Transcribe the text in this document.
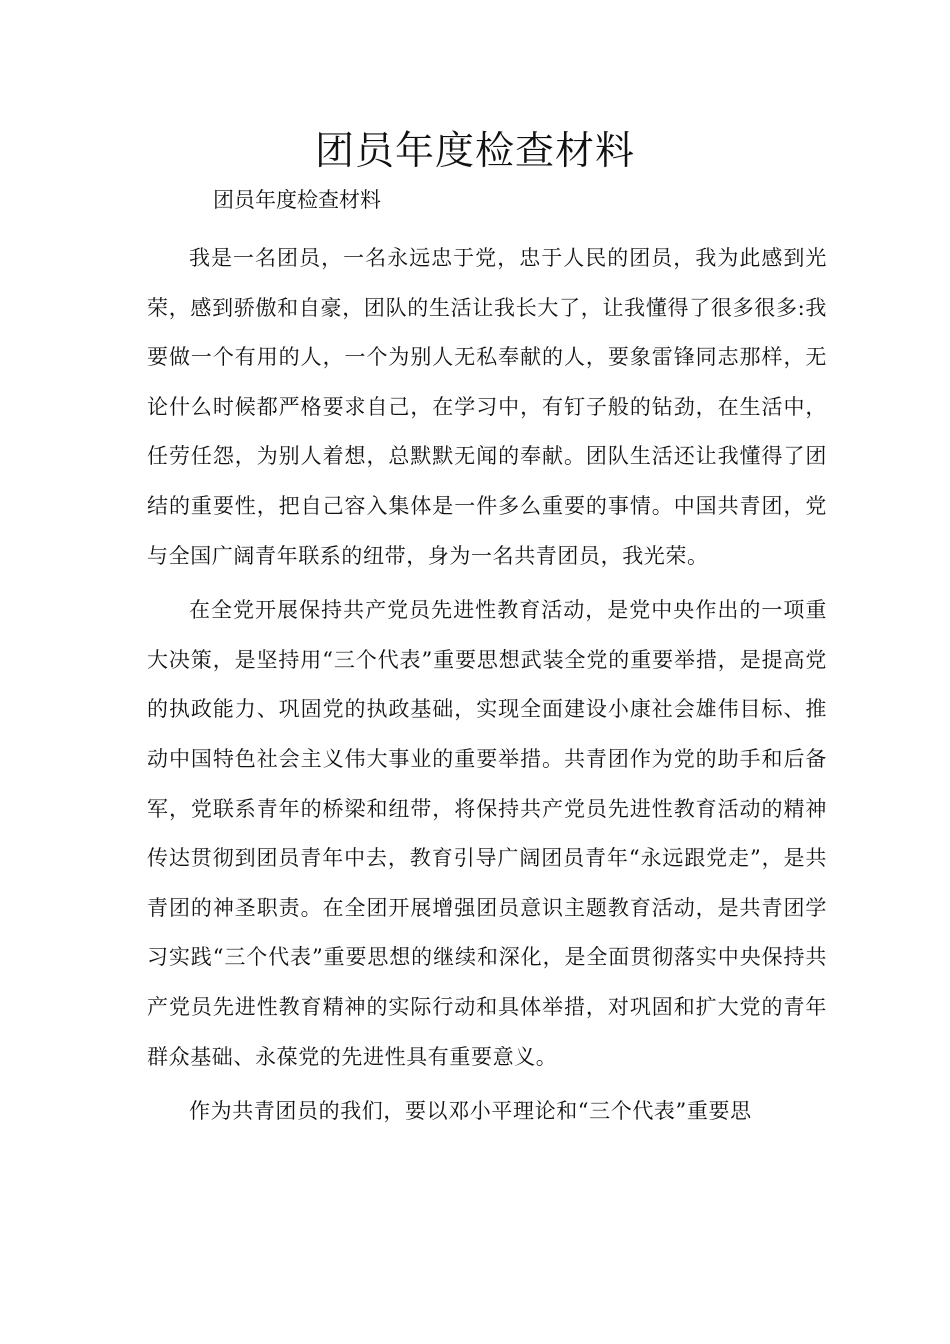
团员年度检查材料
团员年度检查材料

我是一名团员，一名永远忠于党，忠于人民的团员，我为此感到光荣，感到骄傲和自豪，团队的生活让我长大了，让我懂得了很多很多:我要做一个有用的人，一个为别人无私奉献的人，要象雷锋同志那样，无论什么时候都严格要求自己，在学习中，有钉子般的钻劲，在生活中，任劳任怨，为别人着想，总默默无闻的奉献。团队生活还让我懂得了团结的重要性，把自己容入集体是一件多么重要的事情。中国共青团，党与全国广阔青年联系的纽带，身为一名共青团员，我光荣。

在全党开展保持共产党员先进性教育活动，是党中央作出的一项重大决策，是坚持用“三个代表”重要思想武装全党的重要举措，是提高党的执政能力、巩固党的执政基础，实现全面建设小康社会雄伟目标、推动中国特色社会主义伟大事业的重要举措。共青团作为党的助手和后备军，党联系青年的桥梁和纽带，将保持共产党员先进性教育活动的精神传达贯彻到团员青年中去，教育引导广阔团员青年“永远跟党走”，是共青团的神圣职责。在全团开展增强团员意识主题教育活动，是共青团学习实践“三个代表”重要思想的继续和深化，是全面贯彻落实中央保持共产党员先进性教育精神的实际行动和具体举措，对巩固和扩大党的青年群众基础、永葆党的先进性具有重要意义。

作为共青团员的我们，要以邓小平理论和“三个代表”重要思
